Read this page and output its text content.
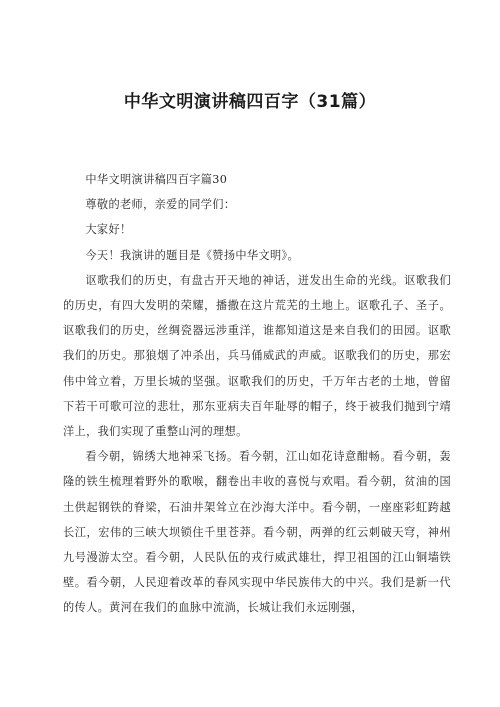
中华文明演讲稿四百字（31篇）

中华文明演讲稿四百字篇30

尊敬的老师，亲爱的同学们：

大家好！

今天！我演讲的题目是《赞扬中华文明》。

讴歌我们的历史，有盘古开天地的神话，迸发出生命的光线。讴歌我们的历史，有四大发明的荣耀，播撒在这片荒芜的土地上。讴歌孔子、圣子。讴歌我们的历史，丝绸瓷器远涉重洋，谁都知道这是来自我们的田园。讴歌我们的历史。那狼烟了冲杀出，兵马俑威武的声威。讴歌我们的历史，那宏伟中耸立着，万里长城的坚强。讴歌我们的历史，千万年古老的土地，曾留下若干可歌可泣的悲壮，那东亚病夫百年耻辱的帽子，终于被我们抛到宁靖洋上，我们实现了重整山河的理想。

看今朝，锦绣大地神采飞扬。看今朝，江山如花诗意酣畅。看今朝，轰隆的铁生梳理着野外的歌喉，翻卷出丰收的喜悦与欢唱。看今朝，贫油的国土供起钢铁的脊梁，石油井架耸立在沙海大洋中。看今朝，一座座彩虹跨越长江，宏伟的三峡大坝锁住千里苍莽。看今朝，两弹的红云刺破天穹，神州九号漫游太空。看今朝，人民队伍的戎行威武雄壮，捍卫祖国的江山铜墙铁壁。看今朝，人民迎着改革的春风实现中华民族伟大的中兴。我们是新一代的传人。黄河在我们的血脉中流淌，长城让我们永远刚强，
